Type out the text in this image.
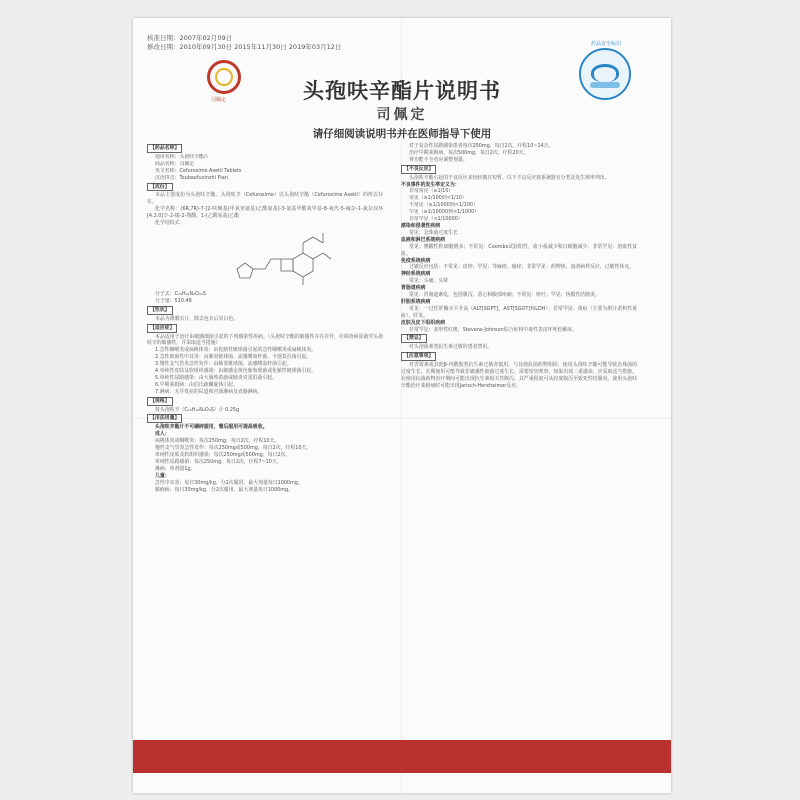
核准日期：2007年02月09日
修改日期：2010年09月30日 2015年11月30日 2019年03月12日
司佩定
药品安全标识
头孢呋辛酯片说明书
司佩定
请仔细阅读说明书并在医师指导下使用
【药品名称】
通用名称：头孢呋辛酯片
商品名称：司佩定
英文名称：Cefuroxime Axetil Tablets
汉语拼音：Toubaofuxinzhi Pian
【成份】
本品主要成份为头孢呋辛酯。头孢呋辛（Cefuroxime）以头孢呋辛酯（Cefuroxime Axetil）的形式存在。
化学名称：(6R,7R)-7-[2-呋喃基(甲氧亚氨基)乙酰氨基]-3-氨基甲酰氧甲基-8-氧代-5-硫杂-1-氮杂双环[4.2.0]辛-2-烯-2-羧酸，1-(乙酰氧基)乙酯
化学结构式：
分子式：C₂₀H₂₂N₄O₁₀S
分子量：510.48
【性状】
本品为薄膜衣片，除去包衣后显白色。
【适应症】
本品适用于治疗由敏感细菌引起的下列感染性疾病。（头孢呋辛酯的敏感性存在差异，应调查病原菌对头孢呋辛的敏感性，并采取适当措施）
1.急性咽喉炎或扁桃体炎：由化脓性链球菌引起的急性咽喉炎或扁桃体炎。
2.急性细菌性中耳炎：由肺炎链球菌、流感嗜血杆菌、卡他莫拉菌引起。
3.慢性支气管炎急性发作：由肺炎链球菌、流感嗜血杆菌引起。
4.单纯性皮肤及软组织感染：由敏感金黄色葡萄球菌或化脓性链球菌引起。
5.单纯性尿路感染：由大肠埃希菌或肺炎克雷伯菌引起。
6.早期莱姆病：由伯氏疏螺旋体引起。
7.淋病：无并发症的尿道和宫颈淋病及直肠淋病。
【规格】
按头孢呋辛（C₁₆H₁₆N₄O₈S）计 0.25g
【用法用量】
头孢呋辛酯片不可碾碎服用，餐后服用可提高吸收。
成人：
扁桃体炎或咽喉炎：每次250mg，每日2次，疗程10天。
慢性支气管炎急性发作：每次250mg或500mg，每日2次，疗程10天。
单纯性皮肤及软组织感染：每次250mg或500mg，每日2次。
单纯性尿路感染：每次250mg，每日2次，疗程7~10天。
淋病：单剂量1g。
儿童：
急性中耳炎：每日30mg/kg，分2次服用，最大剂量每日1000mg。
脓疱病：每日30mg/kg，分2次服用，最大剂量每日1000mg。
对于复杂性尿路感染患者每次250mg，每日2次，疗程10~14天。
治疗早期莱姆病，每次500mg，每日2次，疗程20天。
肾功能不全者应调整剂量。
【不良反应】
头孢呋辛酯引起的不良反应多较轻微且短暂。以下不良反应按系统器官分类及发生频率列出。
不良事件的发生率定义为：
非常常见（≥1/10）
常见（≥1/100到<1/10）
不常见（≥1/1000到<1/100）
罕见（≥1/10000到<1/1000）
非常罕见（<1/10000）
感染和侵袭性疾病
常见：念珠菌过度生长
血液和淋巴系统疾病
常见：嗜酸性粒细胞增多；不常见：Coombs试验阳性，血小板减少和白细胞减少；非常罕见：溶血性贫血。
免疫系统疾病
过敏反应包括：不常见：皮疹；罕见：荨麻疹、瘙痒；非常罕见：药物热、血清病样反应、过敏性休克。
神经系统疾病
常见：头痛、头晕
胃肠道疾病
常见：胃肠道紊乱，包括腹泻、恶心和腹部疼痛；不常见：呕吐；罕见：伪膜性结肠炎。
肝胆系统疾病
常见：一过性肝酶水平升高（ALT[SGPT]，AST[SGOT]和LDH）；非常罕见：黄疸（主要为胆汁淤积性黄疸），肝炎。
皮肤及皮下组织疾病
非常罕见：多形性红斑，Stevens-Johnson综合征和中毒性表皮坏死松解症。
【禁忌】
对头孢菌素类抗生素过敏的患者禁用。
【注意事项】
对青霉素或其他β-内酰胺类抗生素过敏者慎用。与其他抗菌药物相同，使用头孢呋辛酯可能导致念珠菌的过度生长，长期使用可能导致非敏感性细菌过度生长，需要密切观察。如果出现二重感染，应采取适当措施。在使用抗菌药物治疗期间可能出现抗生素相关性腹泻，其严重程度可从轻度腹泻至致死性结肠炎。使用头孢呋辛酯治疗莱姆病时可能出现Jarisch-Herxheimer反应。
